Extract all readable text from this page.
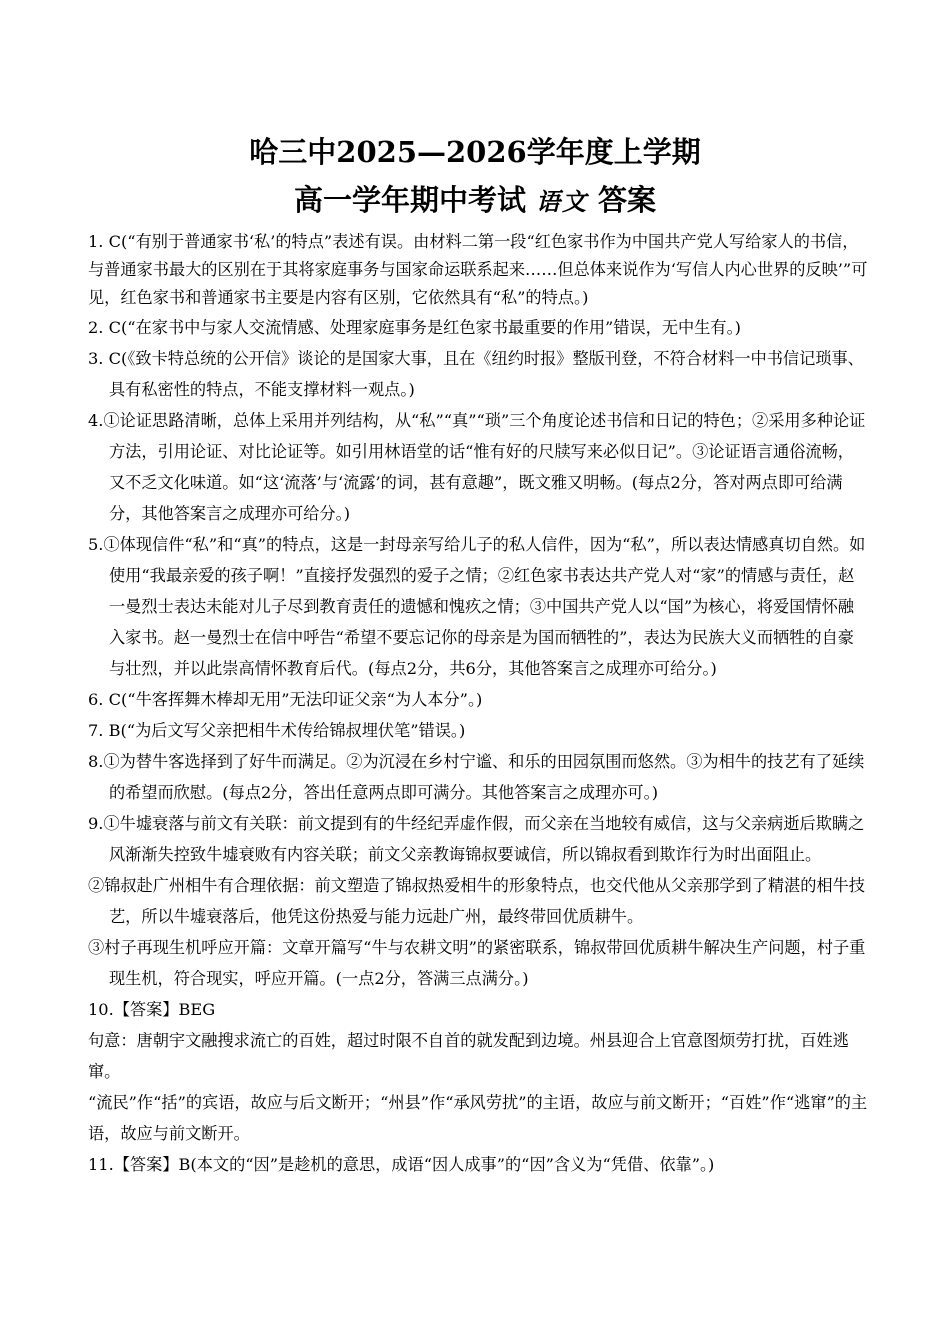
哈三中2025—2026学年度上学期
高一学年期中考试 语文 答案

1. C(“有别于普通家书‘私’的特点”表述有误。由材料二第一段“红色家书作为中国共产党人写给家人的书信，与普通家书最大的区别在于其将家庭事务与国家命运联系起来……但总体来说作为‘写信人内心世界的反映’”可见，红色家书和普通家书主要是内容有区别，它依然具有“私”的特点。)

2. C(“在家书中与家人交流情感、处理家庭事务是红色家书最重要的作用”错误，无中生有。)

3. C(《致卡特总统的公开信》谈论的是国家大事，且在《纽约时报》整版刊登，不符合材料一中书信记琐事、具有私密性的特点，不能支撑材料一观点。)

4.①论证思路清晰，总体上采用并列结构，从“私”“真”“琐”三个角度论述书信和日记的特色；②采用多种论证方法，引用论证、对比论证等。如引用林语堂的话“惟有好的尺牍写来必似日记”。③论证语言通俗流畅，又不乏文化味道。如“这‘流落’与‘流露’的词，甚有意趣”，既文雅又明畅。(每点2分，答对两点即可给满分，其他答案言之成理亦可给分。)

5.①体现信件“私”和“真”的特点，这是一封母亲写给儿子的私人信件，因为“私”，所以表达情感真切自然。如使用“我最亲爱的孩子啊！”直接抒发强烈的爱子之情；②红色家书表达共产党人对“家”的情感与责任，赵一曼烈士表达未能对儿子尽到教育责任的遗憾和愧疚之情；③中国共产党人以“国”为核心，将爱国情怀融入家书。赵一曼烈士在信中呼告“希望不要忘记你的母亲是为国而牺牲的”，表达为民族大义而牺牲的自豪与壮烈，并以此崇高情怀教育后代。(每点2分，共6分，其他答案言之成理亦可给分。)

6. C(“牛客挥舞木棒却无用”无法印证父亲“为人本分”。)

7. B(“为后文写父亲把相牛术传给锦叔埋伏笔”错误。)

8.①为替牛客选择到了好牛而满足。②为沉浸在乡村宁谧、和乐的田园氛围而悠然。③为相牛的技艺有了延续的希望而欣慰。(每点2分，答出任意两点即可满分。其他答案言之成理亦可。)

9.①牛墟衰落与前文有关联：前文提到有的牛经纪弄虚作假，而父亲在当地较有威信，这与父亲病逝后欺瞒之风渐渐失控致牛墟衰败有内容关联；前文父亲教诲锦叔要诚信，所以锦叔看到欺诈行为时出面阻止。

②锦叔赴广州相牛有合理依据：前文塑造了锦叔热爱相牛的形象特点，也交代他从父亲那学到了精湛的相牛技艺，所以牛墟衰落后，他凭这份热爱与能力远赴广州，最终带回优质耕牛。

③村子再现生机呼应开篇：文章开篇写“牛与农耕文明”的紧密联系，锦叔带回优质耕牛解决生产问题，村子重现生机，符合现实，呼应开篇。(一点2分，答满三点满分。)

10.【答案】BEG

句意：唐朝宇文融搜求流亡的百姓，超过时限不自首的就发配到边境。州县迎合上官意图烦劳打扰，百姓逃窜。

“流民”作“括”的宾语，故应与后文断开；“州县”作“承风劳扰”的主语，故应与前文断开；“百姓”作“逃窜”的主语，故应与前文断开。

11.【答案】B(本文的“因”是趁机的意思，成语“因人成事”的“因”含义为“凭借、依靠”。)
